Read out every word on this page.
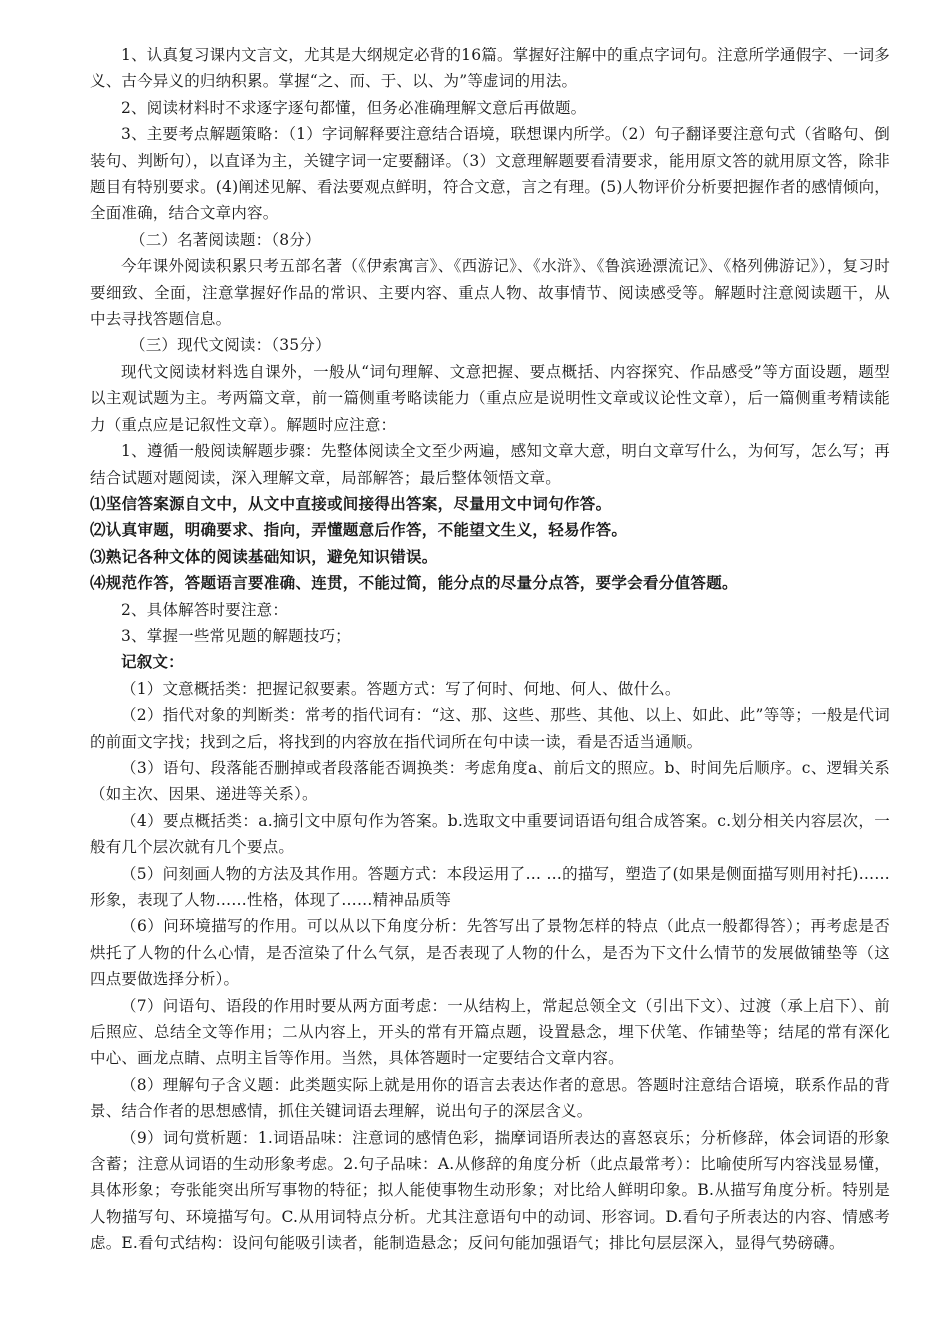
1、认真复习课内文言文，尤其是大纲规定必背的16篇。掌握好注解中的重点字词句。注意所学通假字、一词多义、古今异义的归纳积累。掌握“之、而、于、以、为”等虚词的用法。

2、阅读材料时不求逐字逐句都懂，但务必准确理解文意后再做题。

3、主要考点解题策略：（1）字词解释要注意结合语境，联想课内所学。（2）句子翻译要注意句式（省略句、倒装句、判断句），以直译为主，关键字词一定要翻译。（3）文意理解题要看清要求，能用原文答的就用原文答，除非题目有特别要求。(4)阐述见解、看法要观点鲜明，符合文意，言之有理。(5)人物评价分析要把握作者的感情倾向，全面准确，结合文章内容。

（二）名著阅读题：（8分）

今年课外阅读积累只考五部名著（《伊索寓言》、《西游记》、《水浒》、《鲁滨逊漂流记》、《格列佛游记》），复习时要细致、全面，注意掌握好作品的常识、主要内容、重点人物、故事情节、阅读感受等。解题时注意阅读题干，从中去寻找答题信息。

（三）现代文阅读：（35分）

现代文阅读材料选自课外，一般从“词句理解、文意把握、要点概括、内容探究、作品感受”等方面设题，题型以主观试题为主。考两篇文章，前一篇侧重考略读能力（重点应是说明性文章或议论性文章），后一篇侧重考精读能力（重点应是记叙性文章）。解题时应注意：

1、遵循一般阅读解题步骤：先整体阅读全文至少两遍，感知文章大意，明白文章写什么，为何写，怎么写；再结合试题对题阅读，深入理解文章，局部解答；最后整体领悟文章。

⑴坚信答案源自文中，从文中直接或间接得出答案，尽量用文中词句作答。

⑵认真审题，明确要求、指向，弄懂题意后作答，不能望文生义，轻易作答。

⑶熟记各种文体的阅读基础知识，避免知识错误。

⑷规范作答，答题语言要准确、连贯，不能过简，能分点的尽量分点答，要学会看分值答题。

2、具体解答时要注意：

3、掌握一些常见题的解题技巧；

记叙文：

（1）文意概括类：把握记叙要素。答题方式：写了何时、何地、何人、做什么。

（2）指代对象的判断类：常考的指代词有：“这、那、这些、那些、其他、以上、如此、此”等等；一般是代词的前面文字找；找到之后，将找到的内容放在指代词所在句中读一读，看是否适当通顺。

（3）语句、段落能否删掉或者段落能否调换类：考虑角度a、前后文的照应。b、时间先后顺序。c、逻辑关系（如主次、因果、递进等关系）。

（4）要点概括类：a.摘引文中原句作为答案。b.选取文中重要词语语句组合成答案。c.划分相关内容层次，一般有几个层次就有几个要点。

（5）问刻画人物的方法及其作用。答题方式：本段运用了… …的描写，塑造了(如果是侧面描写则用衬托)……形象，表现了人物……性格，体现了……精神品质等

（6）问环境描写的作用。可以从以下角度分析：先答写出了景物怎样的特点（此点一般都得答）；再考虑是否烘托了人物的什么心情，是否渲染了什么气氛，是否表现了人物的什么，是否为下文什么情节的发展做铺垫等（这四点要做选择分析）。

（7）问语句、语段的作用时要从两方面考虑：一从结构上，常起总领全文（引出下文）、过渡（承上启下）、前后照应、总结全文等作用；二从内容上，开头的常有开篇点题，设置悬念，埋下伏笔、作铺垫等；结尾的常有深化中心、画龙点睛、点明主旨等作用。当然，具体答题时一定要结合文章内容。

（8）理解句子含义题：此类题实际上就是用你的语言去表达作者的意思。答题时注意结合语境，联系作品的背景、结合作者的思想感情，抓住关键词语去理解，说出句子的深层含义。

（9）词句赏析题：1.词语品味：注意词的感情色彩，揣摩词语所表达的喜怒哀乐；分析修辞，体会词语的形象含蓄；注意从词语的生动形象考虑。2.句子品味：A.从修辞的角度分析（此点最常考）：比喻使所写内容浅显易懂，具体形象；夸张能突出所写事物的特征；拟人能使事物生动形象；对比给人鲜明印象。B.从描写角度分析。特别是人物描写句、环境描写句。C.从用词特点分析。尤其注意语句中的动词、形容词。D.看句子所表达的内容、情感考虑。E.看句式结构：设问句能吸引读者，能制造悬念；反问句能加强语气；排比句层层深入，显得气势磅礴。
